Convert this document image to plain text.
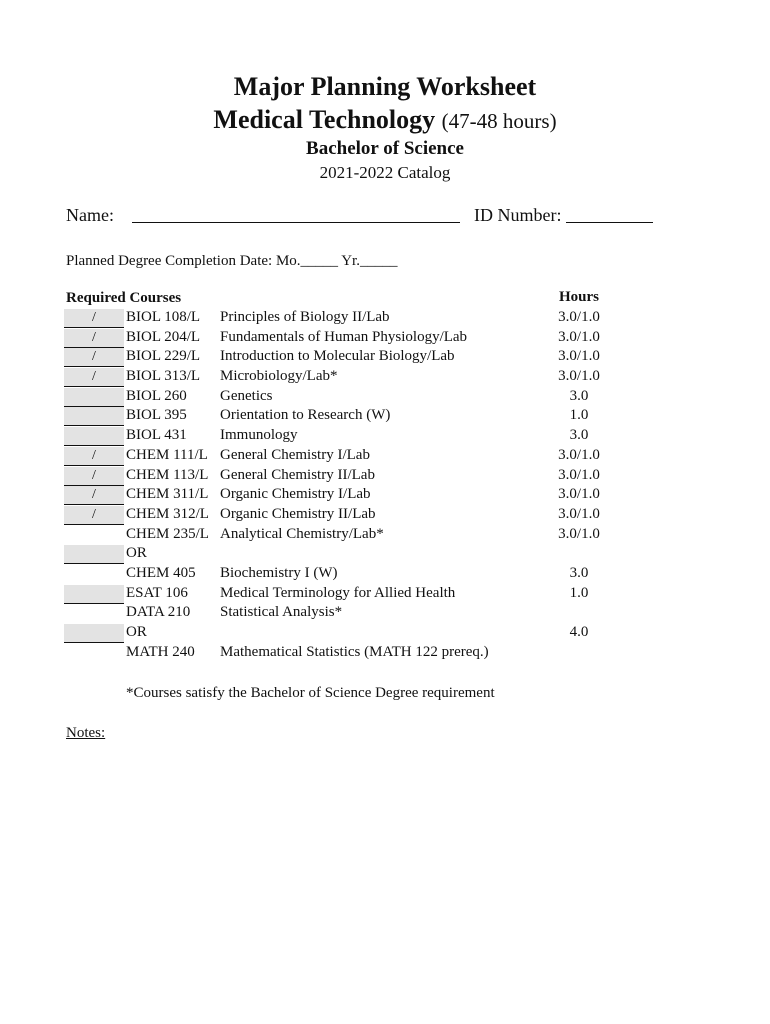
Major Planning Worksheet
Medical Technology (47-48 hours)
Bachelor of Science
2021-2022 Catalog
Name:	ID Number:
Planned Degree Completion Date: Mo._____ Yr._____
Required Courses	Hours
/	BIOL 108/L Principles of Biology II/Lab	3.0/1.0
/	BIOL 204/L Fundamentals of Human Physiology/Lab	3.0/1.0
/	BIOL 229/L Introduction to Molecular Biology/Lab	3.0/1.0
/	BIOL 313/L Microbiology/Lab*	3.0/1.0
BIOL 260 Genetics	3.0
BIOL 395 Orientation to Research (W)	1.0
BIOL 431 Immunology	3.0
/	CHEM 111/L General Chemistry I/Lab	3.0/1.0
/	CHEM 113/L General Chemistry II/Lab	3.0/1.0
/	CHEM 311/L Organic Chemistry I/Lab	3.0/1.0
/	CHEM 312/L Organic Chemistry II/Lab	3.0/1.0
CHEM 235/L Analytical Chemistry/Lab*	3.0/1.0
OR
CHEM 405 Biochemistry I (W)	3.0
ESAT 106 Medical Terminology for Allied Health	1.0
DATA 210 Statistical Analysis*
OR	4.0
MATH 240 Mathematical Statistics (MATH 122 prereq.)
*Courses satisfy the Bachelor of Science Degree requirement
Notes:
